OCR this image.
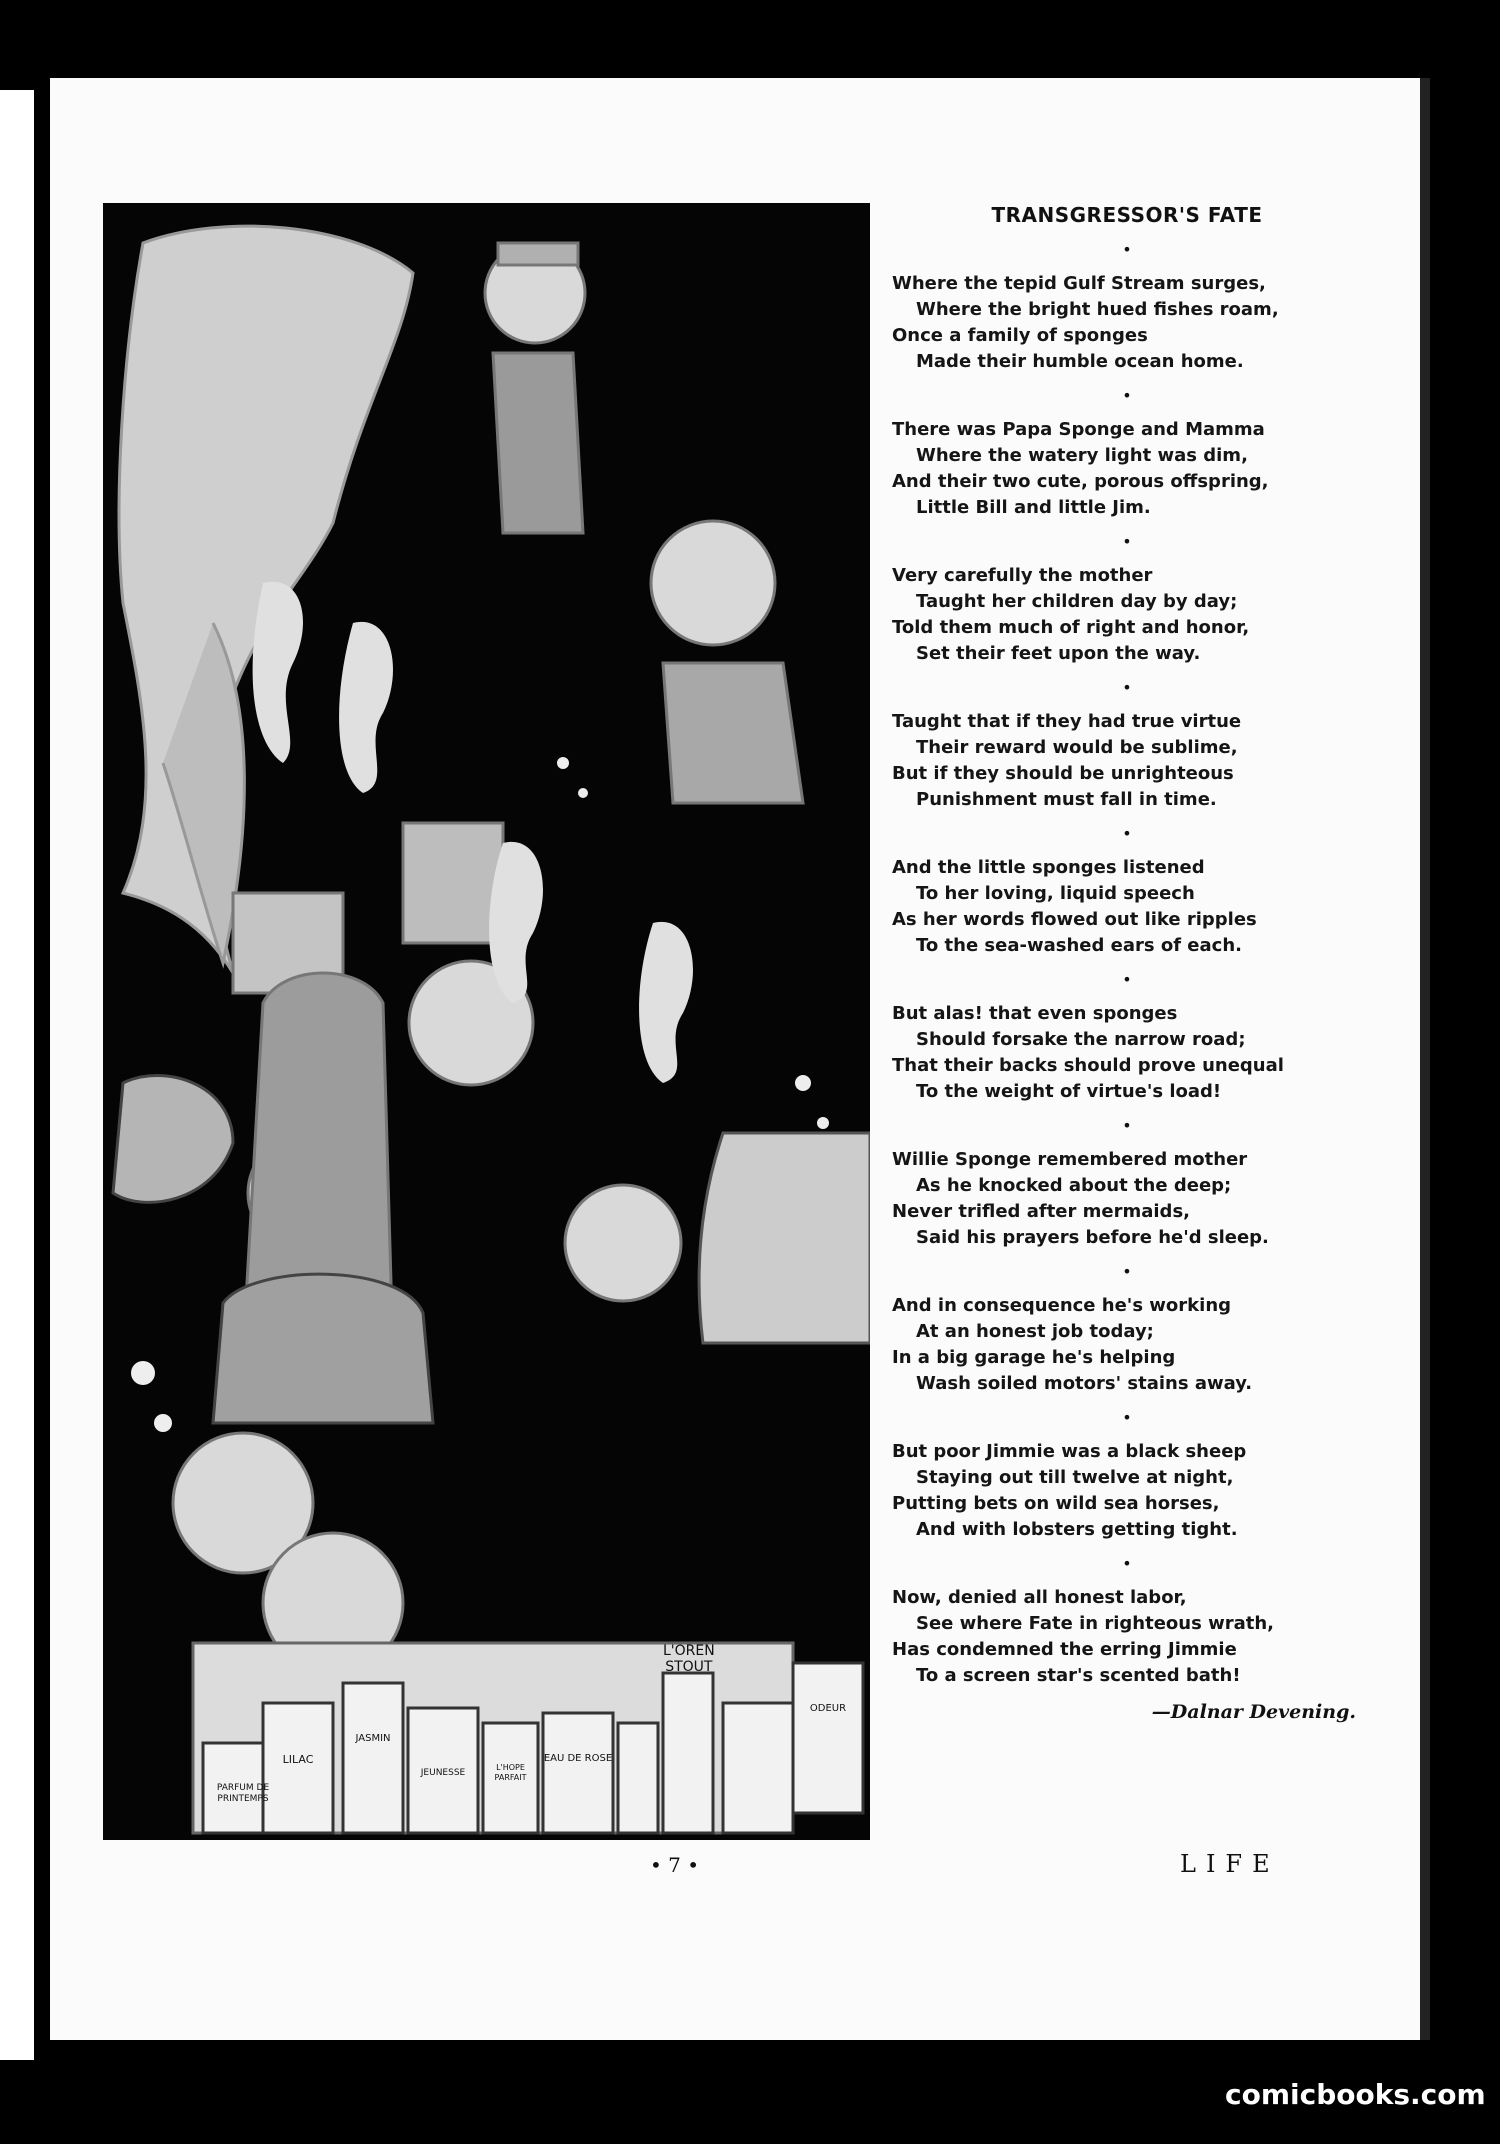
L'OREN
STOUT
PARFUM DE PRINTEMPS
LILAC
JASMIN
JEUNESSE
L'HOPE PARFAIT
EAU DE ROSE
ODEUR
TRANSGRESSOR'S FATE
•
Where the tepid Gulf Stream surges,
Where the bright hued fishes roam,
Once a family of sponges
Made their humble ocean home.
•
There was Papa Sponge and Mamma
Where the watery light was dim,
And their two cute, porous offspring,
Little Bill and little Jim.
•
Very carefully the mother
Taught her children day by day;
Told them much of right and honor,
Set their feet upon the way.
•
Taught that if they had true virtue
Their reward would be sublime,
But if they should be unrighteous
Punishment must fall in time.
•
And the little sponges listened
To her loving, liquid speech
As her words flowed out like ripples
To the sea-washed ears of each.
•
But alas! that even sponges
Should forsake the narrow road;
That their backs should prove unequal
To the weight of virtue's load!
•
Willie Sponge remembered mother
As he knocked about the deep;
Never trifled after mermaids,
Said his prayers before he'd sleep.
•
And in consequence he's working
At an honest job today;
In a big garage he's helping
Wash soiled motors' stains away.
•
But poor Jimmie was a black sheep
Staying out till twelve at night,
Putting bets on wild sea horses,
And with lobsters getting tight.
•
Now, denied all honest labor,
See where Fate in righteous wrath,
Has condemned the erring Jimmie
To a screen star's scented bath!
—Dalnar Devening.
• 7 •	LIFE
comicbooks.com
